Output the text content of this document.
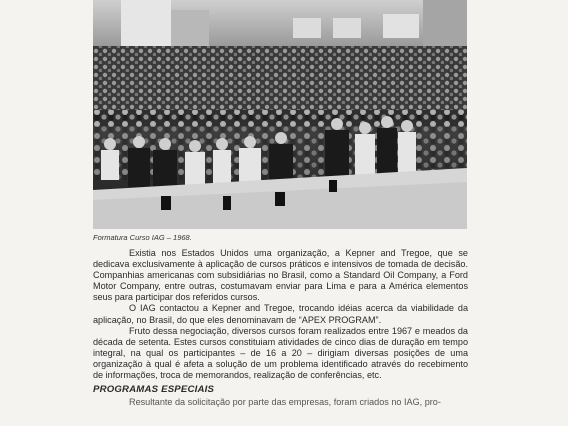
Formatura Curso IAG – 1968.

Existia nos Estados Unidos uma organização, a Kepner and Tregoe, que se dedicava exclusivamente à aplicação de cursos práticos e intensivos de tomada de decisão. Companhias americanas com subsidiárias no Brasil, como a Standard Oil Company, a Ford Motor Company, entre outras, costumavam enviar para Lima e para a América elementos seus para participar dos referidos cursos.

O IAG contactou a Kepner and Tregoe, trocando idéias acerca da viabilidade da aplicação, no Brasil, do que eles denominavam de “APEX PROGRAM”.

Fruto dessa negociação, diversos cursos foram realizados entre 1967 e meados da década de setenta. Estes cursos constituiam atividades de cinco dias de duração em tempo integral, na qual os participantes – de 16 a 20 – dirigiam diversas posições de uma organização à qual é afeta a solução de um problema identificado através do recebimento de informações, troca de memorandos, realização de conferências, etc.

PROGRAMAS ESPECIAIS

Resultante da solicitação por parte das empresas, foram criados no IAG, pro-
